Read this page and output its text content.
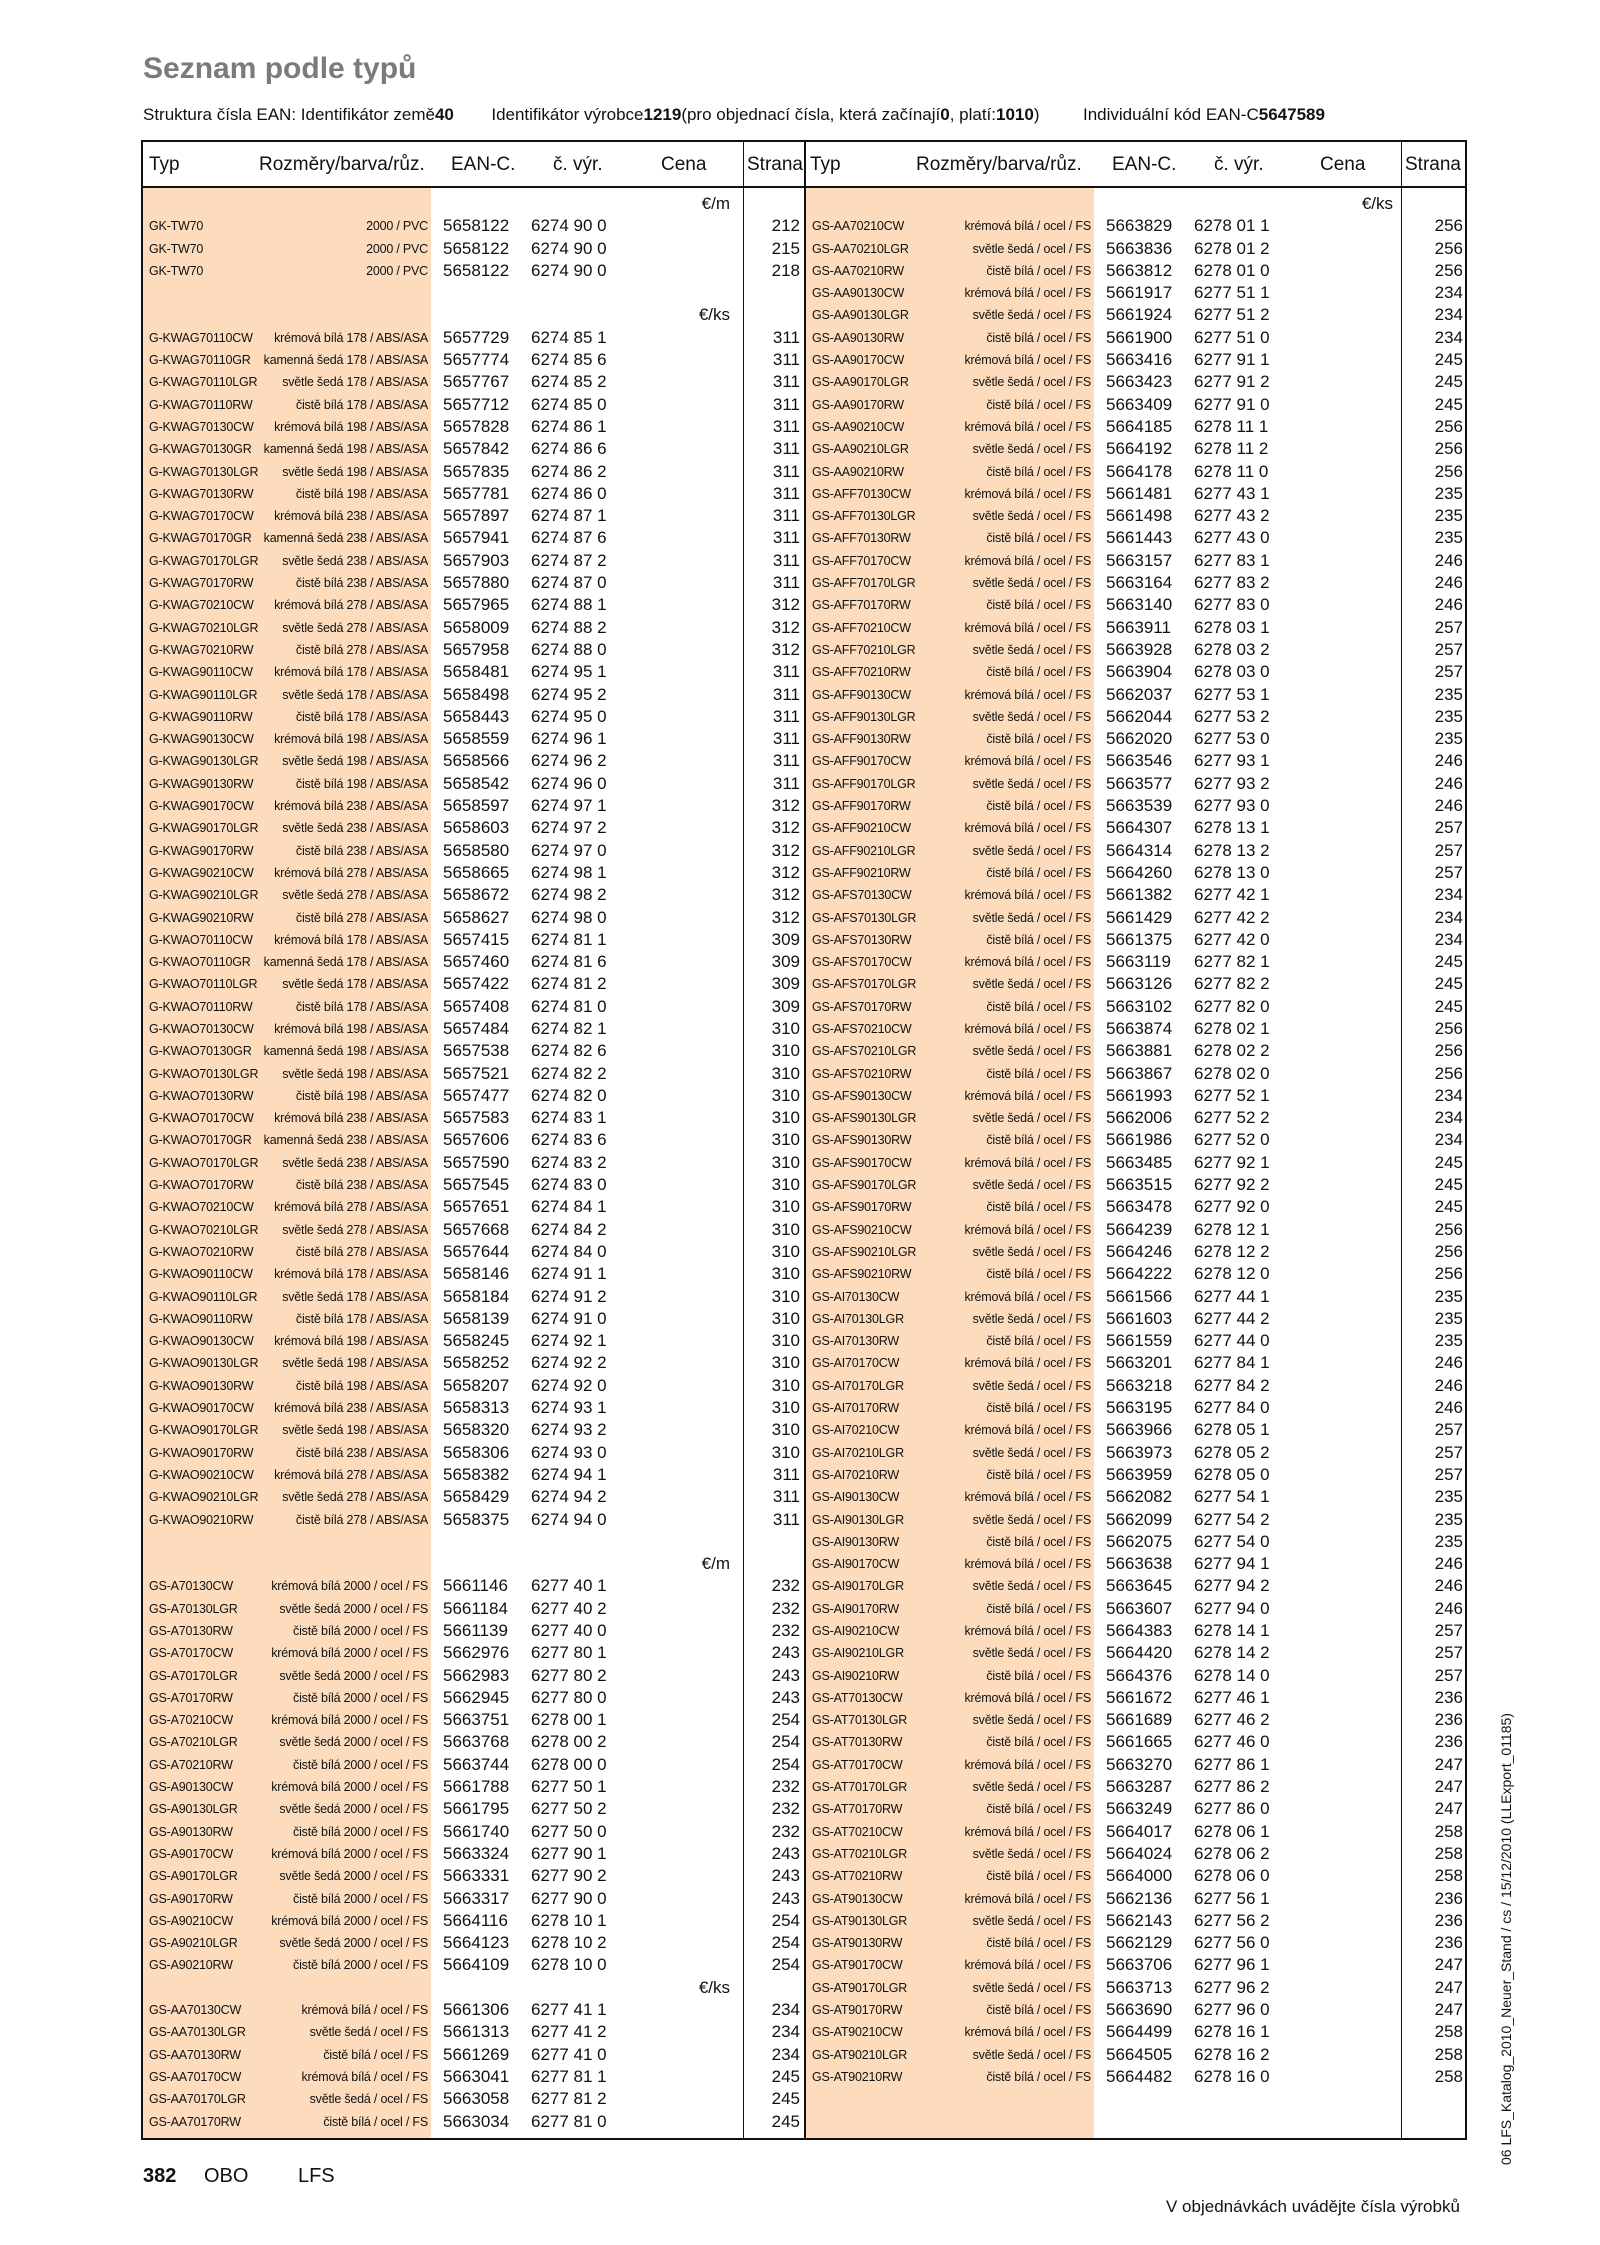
Seznam podle typů
Struktura čísla EAN: Identifikátor země40 Identifikátor výrobce1219(pro objednací čísla, která začínají0, platí:1010)	Individuální kód EAN-C5647589
Typ	Rozměry/barva/růz. EAN-C. č. výr.	Cena Strana
€/m
GK-TW70	2000 / PVC 5658122 6274 90 0	212
GK-TW70	2000 / PVC 5658122 6274 90 0	215
GK-TW70	2000 / PVC 5658122 6274 90 0	218
€/ks
G-KWAG70110CW krémová bílá 178 / ABS/ASA 5657729 6274 85 1	311
G-KWAG70110GR kamenná šedá 178 / ABS/ASA 5657774 6274 85 6	311
G-KWAG70110LGR světle šedá 178 / ABS/ASA 5657767 6274 85 2	311
G-KWAG70110RW	čistě bílá 178 / ABS/ASA 5657712 6274 85 0	311
G-KWAG70130CW krémová bílá 198 / ABS/ASA 5657828 6274 86 1	311
G-KWAG70130GR kamenná šedá 198 / ABS/ASA 5657842 6274 86 6	311
G-KWAG70130LGR světle šedá 198 / ABS/ASA 5657835 6274 86 2	311
G-KWAG70130RW	čistě bílá 198 / ABS/ASA 5657781 6274 86 0	311
G-KWAG70170CW krémová bílá 238 / ABS/ASA 5657897 6274 87 1	311
G-KWAG70170GR kamenná šedá 238 / ABS/ASA 5657941 6274 87 6	311
G-KWAG70170LGR světle šedá 238 / ABS/ASA 5657903 6274 87 2	311
G-KWAG70170RW	čistě bílá 238 / ABS/ASA 5657880 6274 87 0	311
G-KWAG70210CW krémová bílá 278 / ABS/ASA 5657965 6274 88 1	312
G-KWAG70210LGR světle šedá 278 / ABS/ASA 5658009 6274 88 2	312
G-KWAG70210RW	čistě bílá 278 / ABS/ASA 5657958 6274 88 0	312
G-KWAG90110CW krémová bílá 178 / ABS/ASA 5658481 6274 95 1	311
G-KWAG90110LGR světle šedá 178 / ABS/ASA 5658498 6274 95 2	311
G-KWAG90110RW	čistě bílá 178 / ABS/ASA 5658443 6274 95 0	311
G-KWAG90130CW krémová bílá 198 / ABS/ASA 5658559 6274 96 1	311
G-KWAG90130LGR světle šedá 198 / ABS/ASA 5658566 6274 96 2	311
G-KWAG90130RW	čistě bílá 198 / ABS/ASA 5658542 6274 96 0	311
G-KWAG90170CW krémová bílá 238 / ABS/ASA 5658597 6274 97 1	312
G-KWAG90170LGR světle šedá 238 / ABS/ASA 5658603 6274 97 2	312
G-KWAG90170RW	čistě bílá 238 / ABS/ASA 5658580 6274 97 0	312
G-KWAG90210CW krémová bílá 278 / ABS/ASA 5658665 6274 98 1	312
G-KWAG90210LGR světle šedá 278 / ABS/ASA 5658672 6274 98 2	312
G-KWAG90210RW	čistě bílá 278 / ABS/ASA 5658627 6274 98 0	312
G-KWAO70110CW krémová bílá 178 / ABS/ASA 5657415 6274 81 1	309
G-KWAO70110GR kamenná šedá 178 / ABS/ASA 5657460 6274 81 6	309
G-KWAO70110LGR světle šedá 178 / ABS/ASA 5657422 6274 81 2	309
G-KWAO70110RW	čistě bílá 178 / ABS/ASA 5657408 6274 81 0	309
G-KWAO70130CW krémová bílá 198 / ABS/ASA 5657484 6274 82 1	310
G-KWAO70130GR kamenná šedá 198 / ABS/ASA 5657538 6274 82 6	310
G-KWAO70130LGR světle šedá 198 / ABS/ASA 5657521 6274 82 2	310
G-KWAO70130RW	čistě bílá 198 / ABS/ASA 5657477 6274 82 0	310
G-KWAO70170CW krémová bílá 238 / ABS/ASA 5657583 6274 83 1	310
G-KWAO70170GR kamenná šedá 238 / ABS/ASA 5657606 6274 83 6	310
G-KWAO70170LGR světle šedá 238 / ABS/ASA 5657590 6274 83 2	310
G-KWAO70170RW	čistě bílá 238 / ABS/ASA 5657545 6274 83 0	310
G-KWAO70210CW krémová bílá 278 / ABS/ASA 5657651 6274 84 1	310
G-KWAO70210LGR světle šedá 278 / ABS/ASA 5657668 6274 84 2	310
G-KWAO70210RW	čistě bílá 278 / ABS/ASA 5657644 6274 84 0	310
G-KWAO90110CW krémová bílá 178 / ABS/ASA 5658146 6274 91 1	310
G-KWAO90110LGR světle šedá 178 / ABS/ASA 5658184 6274 91 2	310
G-KWAO90110RW	čistě bílá 178 / ABS/ASA 5658139 6274 91 0	310
G-KWAO90130CW krémová bílá 198 / ABS/ASA 5658245 6274 92 1	310
G-KWAO90130LGR světle šedá 198 / ABS/ASA 5658252 6274 92 2	310
G-KWAO90130RW	čistě bílá 198 / ABS/ASA 5658207 6274 92 0	310
G-KWAO90170CW krémová bílá 238 / ABS/ASA 5658313 6274 93 1	310
G-KWAO90170LGR světle šedá 198 / ABS/ASA 5658320 6274 93 2	310
G-KWAO90170RW	čistě bílá 238 / ABS/ASA 5658306 6274 93 0	310
G-KWAO90210CW krémová bílá 278 / ABS/ASA 5658382 6274 94 1	311
G-KWAO90210LGR světle šedá 278 / ABS/ASA 5658429 6274 94 2	311
G-KWAO90210RW	čistě bílá 278 / ABS/ASA 5658375 6274 94 0	311
€/m
GS-A70130CW	krémová bílá 2000 / ocel / FS 5661146 6277 40 1	232
GS-A70130LGR	světle šedá 2000 / ocel / FS 5661184 6277 40 2	232
GS-A70130RW	čistě bílá 2000 / ocel / FS 5661139 6277 40 0	232
GS-A70170CW	krémová bílá 2000 / ocel / FS 5662976 6277 80 1	243
GS-A70170LGR	světle šedá 2000 / ocel / FS 5662983 6277 80 2	243
GS-A70170RW	čistě bílá 2000 / ocel / FS 5662945 6277 80 0	243
GS-A70210CW	krémová bílá 2000 / ocel / FS 5663751 6278 00 1	254
GS-A70210LGR	světle šedá 2000 / ocel / FS 5663768 6278 00 2	254
GS-A70210RW	čistě bílá 2000 / ocel / FS 5663744 6278 00 0	254
GS-A90130CW	krémová bílá 2000 / ocel / FS 5661788 6277 50 1	232
GS-A90130LGR	světle šedá 2000 / ocel / FS 5661795 6277 50 2	232
GS-A90130RW	čistě bílá 2000 / ocel / FS 5661740 6277 50 0	232
GS-A90170CW	krémová bílá 2000 / ocel / FS 5663324 6277 90 1	243
GS-A90170LGR	světle šedá 2000 / ocel / FS 5663331 6277 90 2	243
GS-A90170RW	čistě bílá 2000 / ocel / FS 5663317 6277 90 0	243
GS-A90210CW	krémová bílá 2000 / ocel / FS 5664116 6278 10 1	254
GS-A90210LGR	světle šedá 2000 / ocel / FS 5664123 6278 10 2	254
GS-A90210RW	čistě bílá 2000 / ocel / FS 5664109 6278 10 0	254
€/ks
GS-AA70130CW	krémová bílá / ocel / FS 5661306 6277 41 1	234
GS-AA70130LGR	světle šedá / ocel / FS 5661313 6277 41 2	234
GS-AA70130RW	čistě bílá / ocel / FS 5661269 6277 41 0	234
GS-AA70170CW	krémová bílá / ocel / FS 5663041 6277 81 1	245
GS-AA70170LGR	světle šedá / ocel / FS 5663058 6277 81 2	245
GS-AA70170RW	čistě bílá / ocel / FS 5663034 6277 81 0	245
Typ	Rozměry/barva/růz. EAN-C. č. výr.	Cena Strana
€/ks
GS-AA70210CW	krémová bílá / ocel / FS 5663829 6278 01 1	256
GS-AA70210LGR	světle šedá / ocel / FS 5663836 6278 01 2	256
GS-AA70210RW	čistě bílá / ocel / FS 5663812 6278 01 0	256
GS-AA90130CW	krémová bílá / ocel / FS 5661917 6277 51 1	234
GS-AA90130LGR	světle šedá / ocel / FS 5661924 6277 51 2	234
GS-AA90130RW	čistě bílá / ocel / FS 5661900 6277 51 0	234
GS-AA90170CW	krémová bílá / ocel / FS 5663416 6277 91 1	245
GS-AA90170LGR	světle šedá / ocel / FS 5663423 6277 91 2	245
GS-AA90170RW	čistě bílá / ocel / FS 5663409 6277 91 0	245
GS-AA90210CW	krémová bílá / ocel / FS 5664185 6278 11 1	256
GS-AA90210LGR	světle šedá / ocel / FS 5664192 6278 11 2	256
GS-AA90210RW	čistě bílá / ocel / FS 5664178 6278 11 0	256
GS-AFF70130CW	krémová bílá / ocel / FS 5661481 6277 43 1	235
GS-AFF70130LGR	světle šedá / ocel / FS 5661498 6277 43 2	235
GS-AFF70130RW	čistě bílá / ocel / FS 5661443 6277 43 0	235
GS-AFF70170CW	krémová bílá / ocel / FS 5663157 6277 83 1	246
GS-AFF70170LGR	světle šedá / ocel / FS 5663164 6277 83 2	246
GS-AFF70170RW	čistě bílá / ocel / FS 5663140 6277 83 0	246
GS-AFF70210CW	krémová bílá / ocel / FS 5663911 6278 03 1	257
GS-AFF70210LGR	světle šedá / ocel / FS 5663928 6278 03 2	257
GS-AFF70210RW	čistě bílá / ocel / FS 5663904 6278 03 0	257
GS-AFF90130CW	krémová bílá / ocel / FS 5662037 6277 53 1	235
GS-AFF90130LGR	světle šedá / ocel / FS 5662044 6277 53 2	235
GS-AFF90130RW	čistě bílá / ocel / FS 5662020 6277 53 0	235
GS-AFF90170CW	krémová bílá / ocel / FS 5663546 6277 93 1	246
GS-AFF90170LGR	světle šedá / ocel / FS 5663577 6277 93 2	246
GS-AFF90170RW	čistě bílá / ocel / FS 5663539 6277 93 0	246
GS-AFF90210CW	krémová bílá / ocel / FS 5664307 6278 13 1	257
GS-AFF90210LGR	světle šedá / ocel / FS 5664314 6278 13 2	257
GS-AFF90210RW	čistě bílá / ocel / FS 5664260 6278 13 0	257
GS-AFS70130CW	krémová bílá / ocel / FS 5661382 6277 42 1	234
GS-AFS70130LGR	světle šedá / ocel / FS 5661429 6277 42 2	234
GS-AFS70130RW	čistě bílá / ocel / FS 5661375 6277 42 0	234
GS-AFS70170CW	krémová bílá / ocel / FS 5663119 6277 82 1	245
GS-AFS70170LGR	světle šedá / ocel / FS 5663126 6277 82 2	245
GS-AFS70170RW	čistě bílá / ocel / FS 5663102 6277 82 0	245
GS-AFS70210CW	krémová bílá / ocel / FS 5663874 6278 02 1	256
GS-AFS70210LGR	světle šedá / ocel / FS 5663881 6278 02 2	256
GS-AFS70210RW	čistě bílá / ocel / FS 5663867 6278 02 0	256
GS-AFS90130CW	krémová bílá / ocel / FS 5661993 6277 52 1	234
GS-AFS90130LGR	světle šedá / ocel / FS 5662006 6277 52 2	234
GS-AFS90130RW	čistě bílá / ocel / FS 5661986 6277 52 0	234
GS-AFS90170CW	krémová bílá / ocel / FS 5663485 6277 92 1	245
GS-AFS90170LGR	světle šedá / ocel / FS 5663515 6277 92 2	245
GS-AFS90170RW	čistě bílá / ocel / FS 5663478 6277 92 0	245
GS-AFS90210CW	krémová bílá / ocel / FS 5664239 6278 12 1	256
GS-AFS90210LGR	světle šedá / ocel / FS 5664246 6278 12 2	256
GS-AFS90210RW	čistě bílá / ocel / FS 5664222 6278 12 0	256
GS-AI70130CW	krémová bílá / ocel / FS 5661566 6277 44 1	235
GS-AI70130LGR	světle šedá / ocel / FS 5661603 6277 44 2	235
GS-AI70130RW	čistě bílá / ocel / FS 5661559 6277 44 0	235
GS-AI70170CW	krémová bílá / ocel / FS 5663201 6277 84 1	246
GS-AI70170LGR	světle šedá / ocel / FS 5663218 6277 84 2	246
GS-AI70170RW	čistě bílá / ocel / FS 5663195 6277 84 0	246
GS-AI70210CW	krémová bílá / ocel / FS 5663966 6278 05 1	257
GS-AI70210LGR	světle šedá / ocel / FS 5663973 6278 05 2	257
GS-AI70210RW	čistě bílá / ocel / FS 5663959 6278 05 0	257
GS-AI90130CW	krémová bílá / ocel / FS 5662082 6277 54 1	235
GS-AI90130LGR	světle šedá / ocel / FS 5662099 6277 54 2	235
GS-AI90130RW	čistě bílá / ocel / FS 5662075 6277 54 0	235
GS-AI90170CW	krémová bílá / ocel / FS 5663638 6277 94 1	246
GS-AI90170LGR	světle šedá / ocel / FS 5663645 6277 94 2	246
GS-AI90170RW	čistě bílá / ocel / FS 5663607 6277 94 0	246
GS-AI90210CW	krémová bílá / ocel / FS 5664383 6278 14 1	257
GS-AI90210LGR	světle šedá / ocel / FS 5664420 6278 14 2	257
GS-AI90210RW	čistě bílá / ocel / FS 5664376 6278 14 0	257
GS-AT70130CW	krémová bílá / ocel / FS 5661672 6277 46 1	236
GS-AT70130LGR	světle šedá / ocel / FS 5661689 6277 46 2	236
GS-AT70130RW	čistě bílá / ocel / FS 5661665 6277 46 0	236
GS-AT70170CW	krémová bílá / ocel / FS 5663270 6277 86 1	247
GS-AT70170LGR	světle šedá / ocel / FS 5663287 6277 86 2	247
GS-AT70170RW	čistě bílá / ocel / FS 5663249 6277 86 0	247
GS-AT70210CW	krémová bílá / ocel / FS 5664017 6278 06 1	258
GS-AT70210LGR	světle šedá / ocel / FS 5664024 6278 06 2	258
GS-AT70210RW	čistě bílá / ocel / FS 5664000 6278 06 0	258
GS-AT90130CW	krémová bílá / ocel / FS 5662136 6277 56 1	236
GS-AT90130LGR	světle šedá / ocel / FS 5662143 6277 56 2	236
GS-AT90130RW	čistě bílá / ocel / FS 5662129 6277 56 0	236
GS-AT90170CW	krémová bílá / ocel / FS 5663706 6277 96 1	247
GS-AT90170LGR	světle šedá / ocel / FS 5663713 6277 96 2	247
GS-AT90170RW	čistě bílá / ocel / FS 5663690 6277 96 0	247
GS-AT90210CW	krémová bílá / ocel / FS 5664499 6278 16 1	258
GS-AT90210LGR	světle šedá / ocel / FS 5664505 6278 16 2	258
GS-AT90210RW	čistě bílá / ocel / FS 5664482 6278 16 0	258
382 OBO LFS
V objednávkách uvádějte čísla výrobků
06 LFS_Katalog_2010_Neuer_Stand / cs / 15/12/2010 (LLExport_01185)
